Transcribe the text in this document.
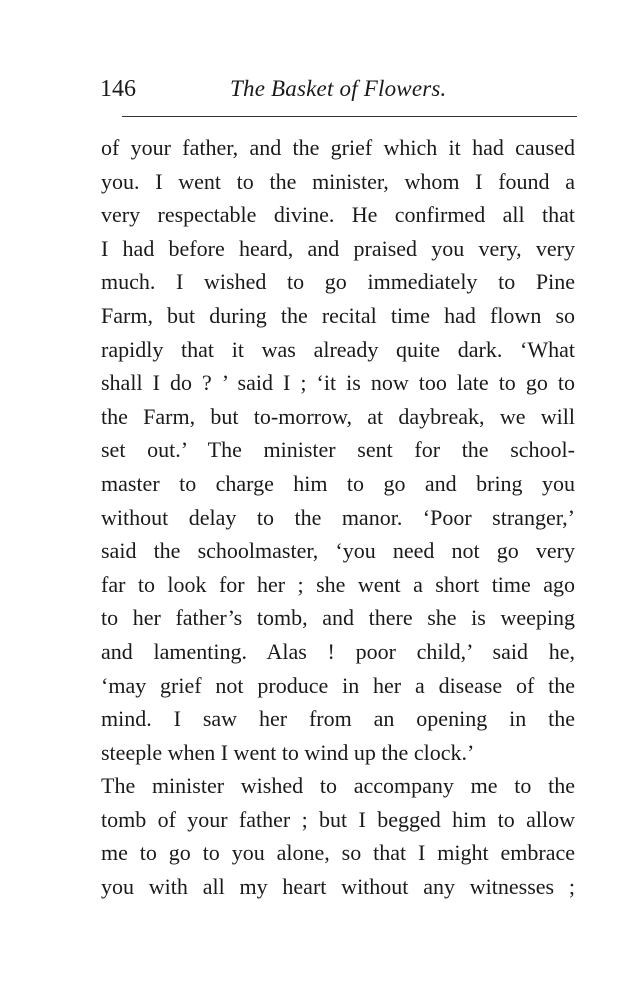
146	The Basket of Flowers.
of your father, and the grief which it had caused
you. I went to the minister, whom I found a
very respectable divine. He confirmed all that
I had before heard, and praised you very, very
much. I wished to go immediately to Pine
Farm, but during the recital time had flown so
rapidly that it was already quite dark. ‘What
shall I do ? ’ said I ; ‘it is now too late to go to
the Farm, but to-morrow, at daybreak, we will
set out.’ The minister sent for the school-
master to charge him to go and bring you
without delay to the manor. ‘Poor stranger,’
said the schoolmaster, ‘you need not go very
far to look for her ; she went a short time ago
to her father’s tomb, and there she is weeping
and lamenting. Alas ! poor child,’ said he,
‘may grief not produce in her a disease of the
mind. I saw her from an opening in the
steeple when I went to wind up the clock.’
The minister wished to accompany me to the
tomb of your father ; but I begged him to allow
me to go to you alone, so that I might embrace
you with all my heart without any witnesses ;
